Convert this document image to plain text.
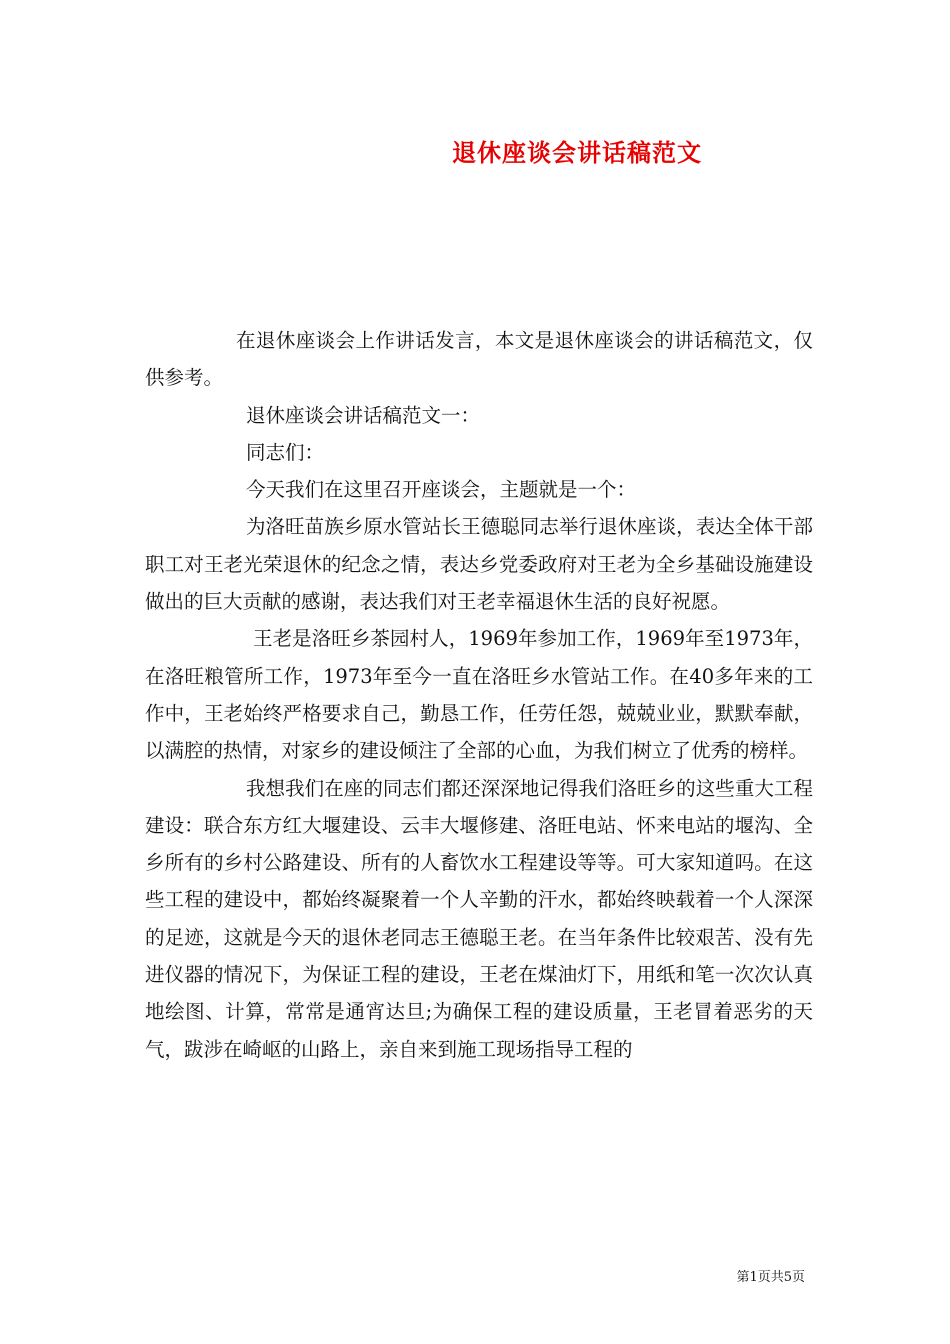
退休座谈会讲话稿范文

在退休座谈会上作讲话发言，本文是退休座谈会的讲话稿范文，仅供参考。

退休座谈会讲话稿范文一：

同志们：

今天我们在这里召开座谈会，主题就是一个：

为洛旺苗族乡原水管站长王德聪同志举行退休座谈，表达全体干部职工对王老光荣退休的纪念之情，表达乡党委政府对王老为全乡基础设施建设做出的巨大贡献的感谢，表达我们对王老幸福退休生活的良好祝愿。

王老是洛旺乡茶园村人，1969年参加工作，1969年至1973年，在洛旺粮管所工作，1973年至今一直在洛旺乡水管站工作。在40多年来的工作中，王老始终严格要求自己，勤恳工作，任劳任怨，兢兢业业，默默奉献，以满腔的热情，对家乡的建设倾注了全部的心血，为我们树立了优秀的榜样。

我想我们在座的同志们都还深深地记得我们洛旺乡的这些重大工程建设：联合东方红大堰建设、云丰大堰修建、洛旺电站、怀来电站的堰沟、全乡所有的乡村公路建设、所有的人畜饮水工程建设等等。可大家知道吗。在这些工程的建设中，都始终凝聚着一个人辛勤的汗水，都始终映载着一个人深深的足迹，这就是今天的退休老同志王德聪王老。在当年条件比较艰苦、没有先进仪器的情况下，为保证工程的建设，王老在煤油灯下，用纸和笔一次次认真地绘图、计算，常常是通宵达旦;为确保工程的建设质量，王老冒着恶劣的天气，跋涉在崎岖的山路上，亲自来到施工现场指导工程的

第1页共5页
